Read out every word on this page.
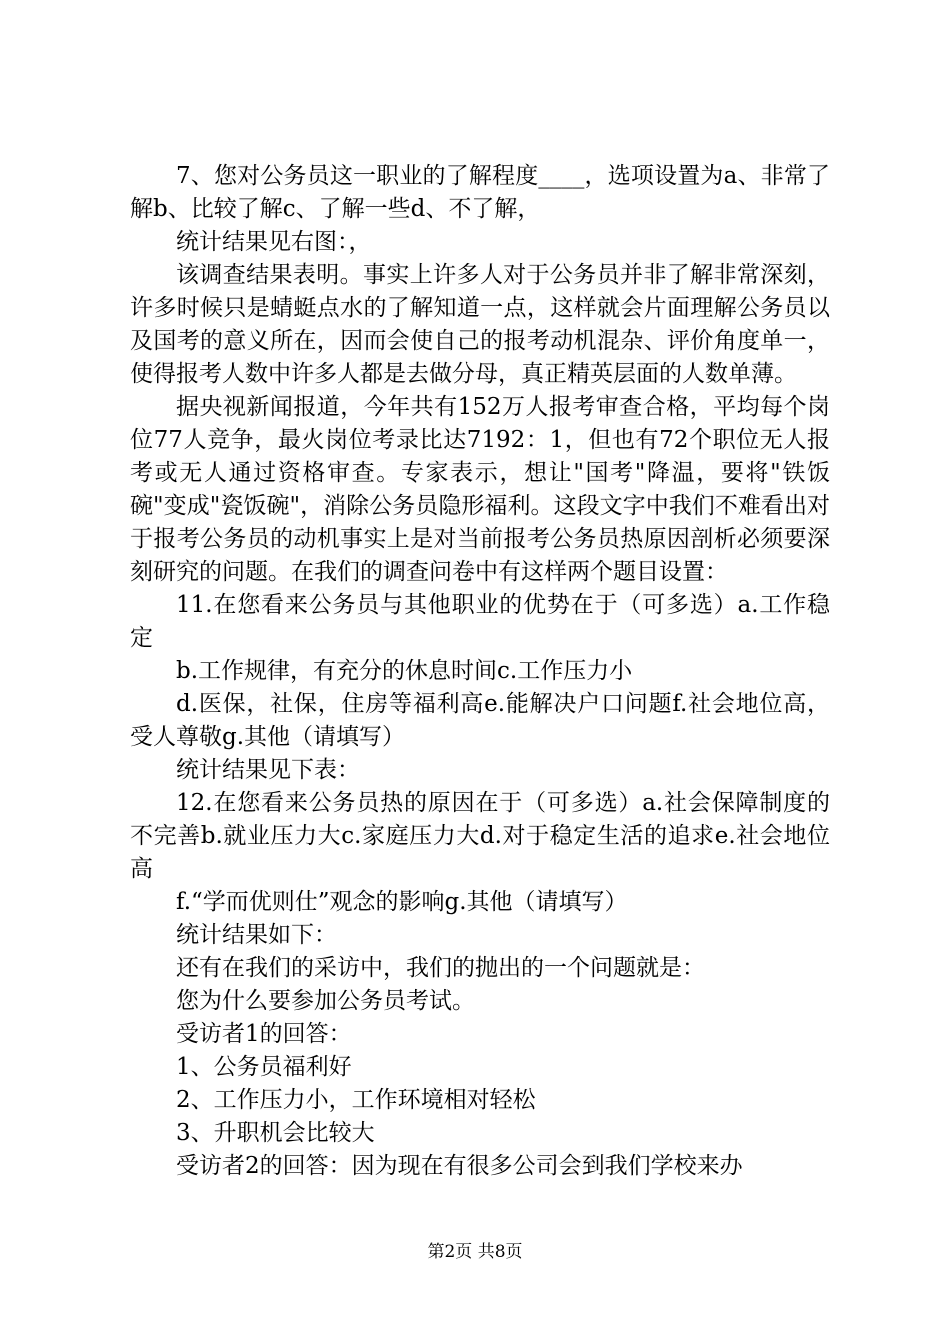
7、您对公务员这一职业的了解程度____，选项设置为a、非常了解b、比较了解c、了解一些d、不了解，

统计结果见右图：，

该调查结果表明。事实上许多人对于公务员并非了解非常深刻，许多时候只是蜻蜓点水的了解知道一点，这样就会片面理解公务员以及国考的意义所在，因而会使自己的报考动机混杂、评价角度单一，使得报考人数中许多人都是去做分母，真正精英层面的人数单薄。

据央视新闻报道，今年共有152万人报考审查合格，平均每个岗位77人竞争，最火岗位考录比达7192：1，但也有72个职位无人报考或无人通过资格审查。专家表示，想让"国考"降温，要将"铁饭碗"变成"瓷饭碗"，消除公务员隐形福利。这段文字中我们不难看出对于报考公务员的动机事实上是对当前报考公务员热原因剖析必须要深刻研究的问题。在我们的调查问卷中有这样两个题目设置：

11.在您看来公务员与其他职业的优势在于（可多选）a.工作稳定

b.工作规律，有充分的休息时间c.工作压力小

d.医保，社保，住房等福利高e.能解决户口问题f.社会地位高，受人尊敬g.其他（请填写）

统计结果见下表：

12.在您看来公务员热的原因在于（可多选）a.社会保障制度的不完善b.就业压力大c.家庭压力大d.对于稳定生活的追求e.社会地位高

f.“学而优则仕”观念的影响g.其他（请填写）

统计结果如下：

还有在我们的采访中，我们的抛出的一个问题就是：

您为什么要参加公务员考试。

受访者1的回答：

1、公务员福利好

2、工作压力小，工作环境相对轻松

3、升职机会比较大

受访者2的回答：因为现在有很多公司会到我们学校来办

第2页 共8页
